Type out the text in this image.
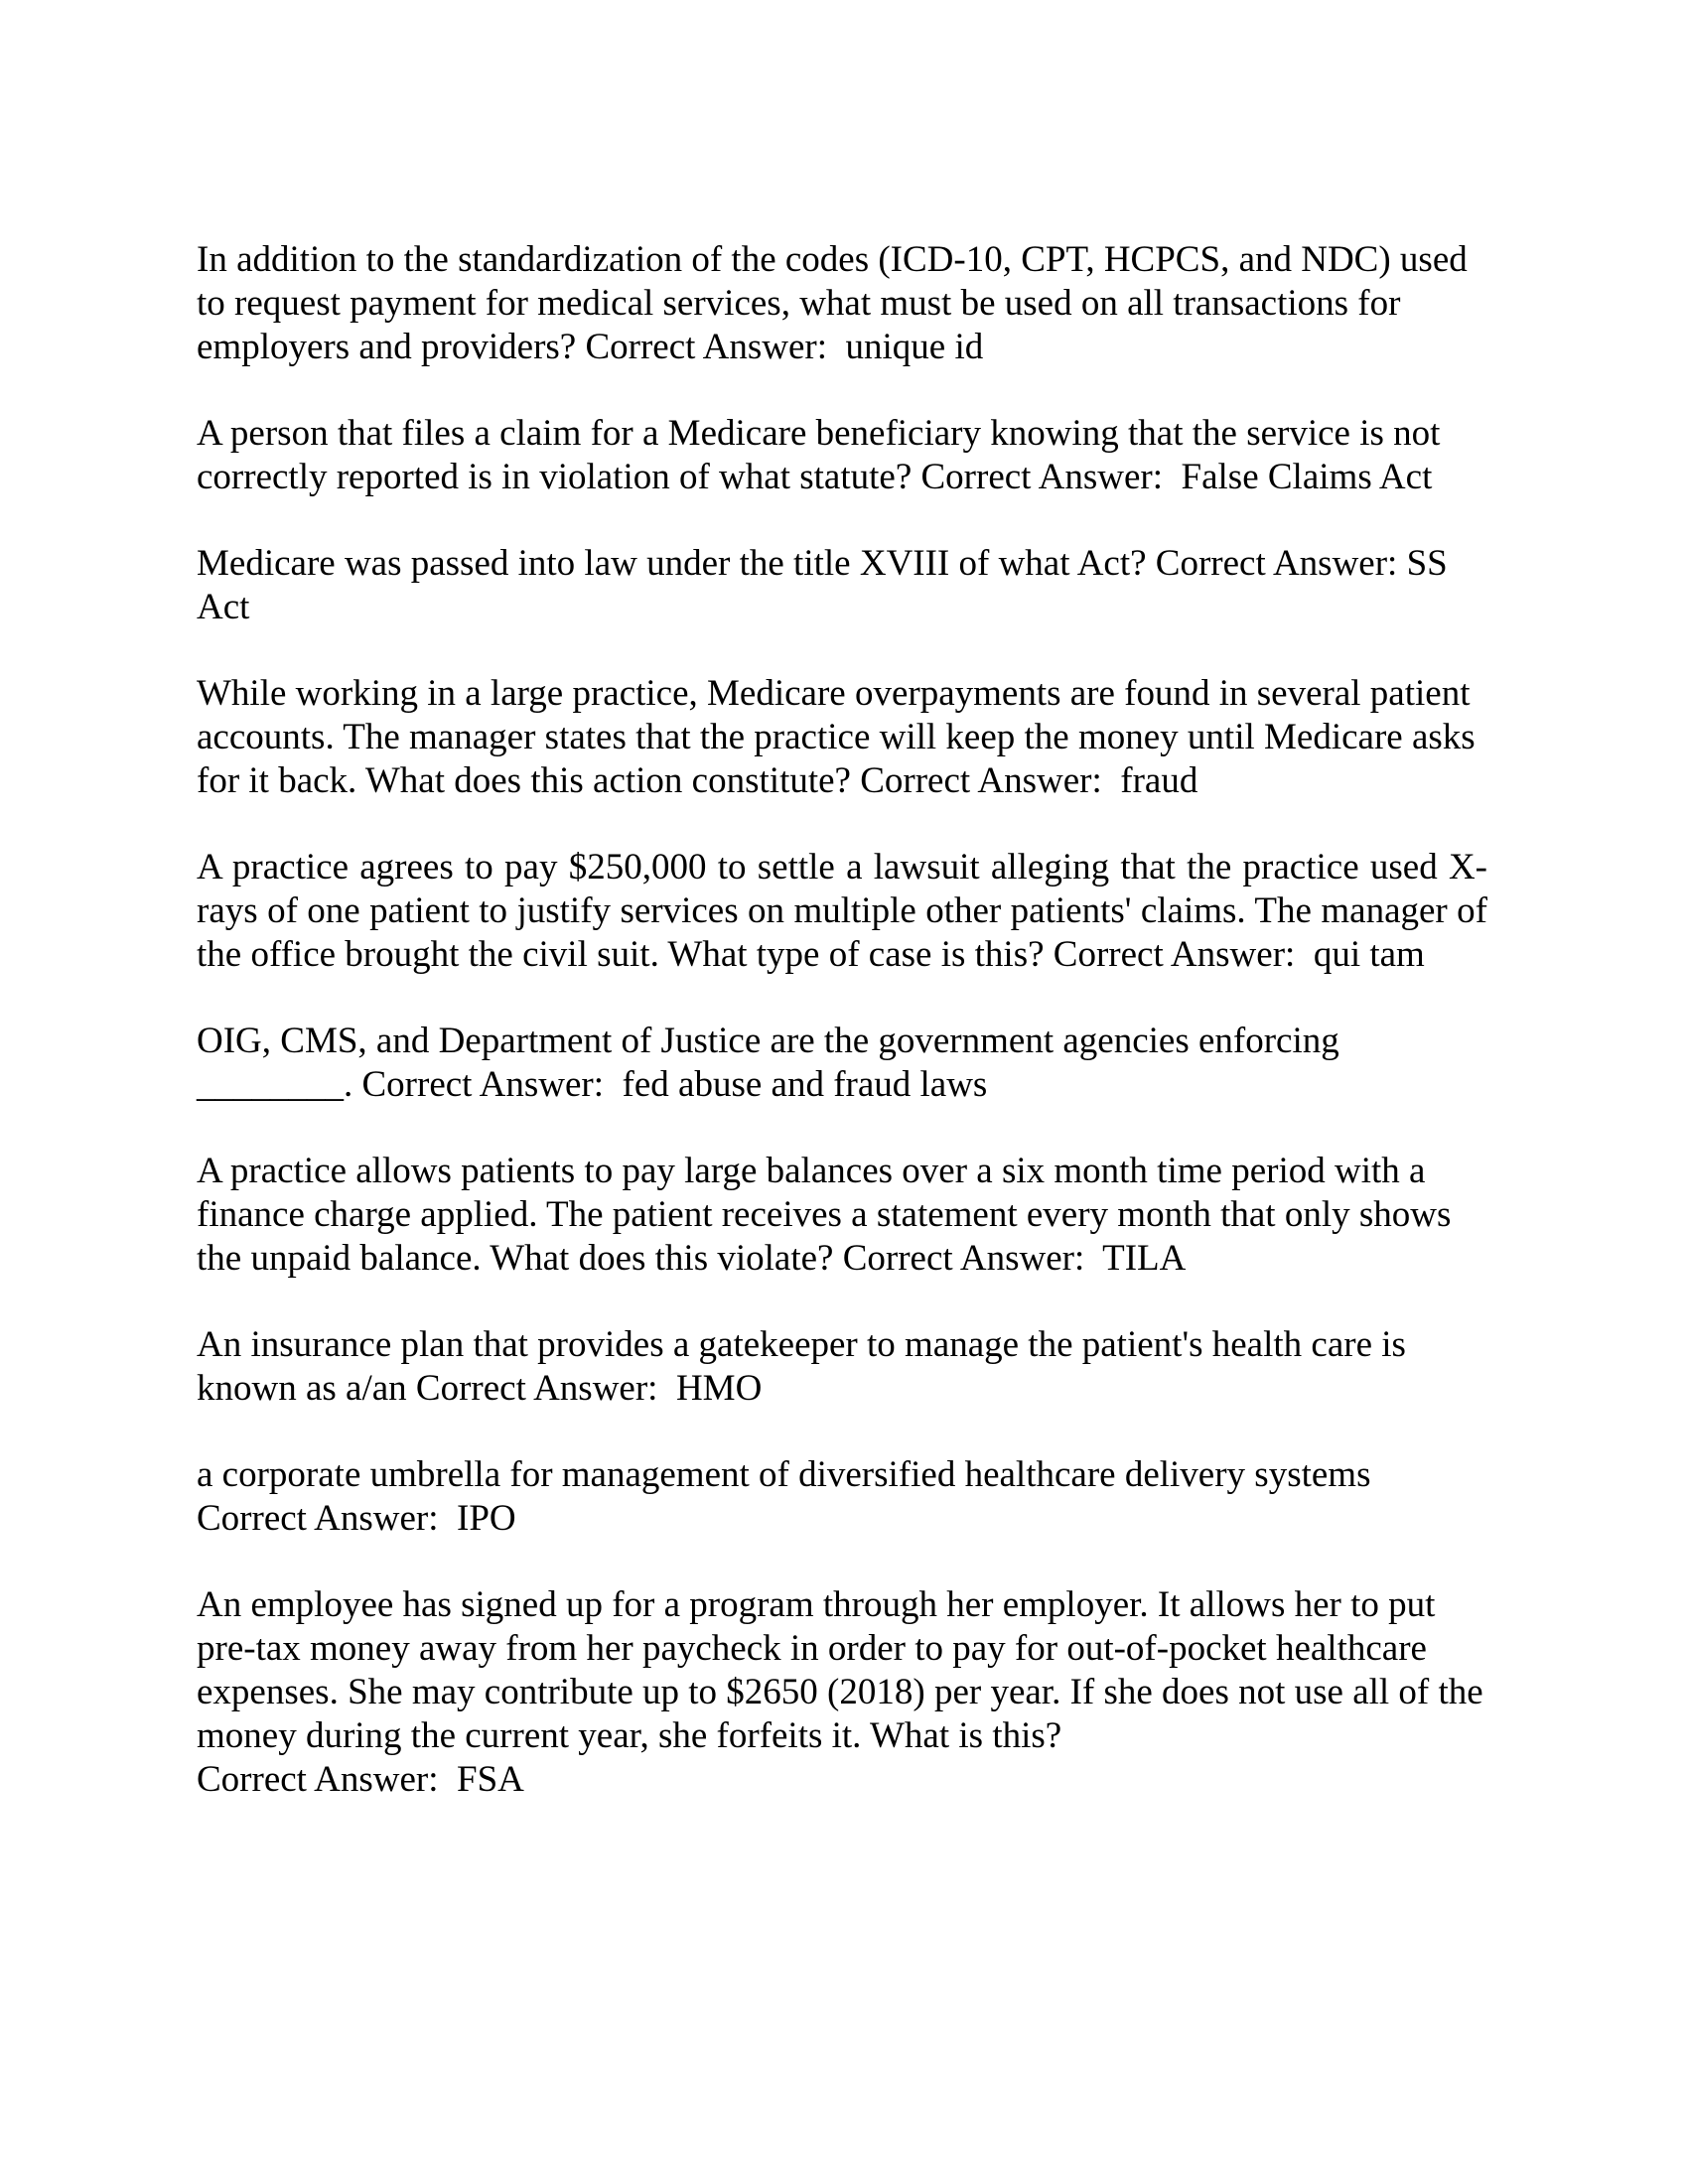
In addition to the standardization of the codes (ICD-10, CPT, HCPCS, and NDC) used to request payment for medical services, what must be used on all transactions for employers and providers? Correct Answer: unique id

A person that files a claim for a Medicare beneficiary knowing that the service is not correctly reported is in violation of what statute? Correct Answer: False Claims Act

Medicare was passed into law under the title XVIII of what Act? Correct Answer: SS Act

While working in a large practice, Medicare overpayments are found in several patient accounts. The manager states that the practice will keep the money until Medicare asks for it back. What does this action constitute? Correct Answer: fraud

A practice agrees to pay $250,000 to settle a lawsuit alleging that the practice used X-rays of one patient to justify services on multiple other patients' claims. The manager of the office brought the civil suit. What type of case is this? Correct Answer: qui tam

OIG, CMS, and Department of Justice are the government agencies enforcing ________. Correct Answer: fed abuse and fraud laws

A practice allows patients to pay large balances over a six month time period with a finance charge applied. The patient receives a statement every month that only shows the unpaid balance. What does this violate? Correct Answer: TILA

An insurance plan that provides a gatekeeper to manage the patient's health care is known as a/an Correct Answer: HMO

a corporate umbrella for management of diversified healthcare delivery systems
Correct Answer: IPO

An employee has signed up for a program through her employer. It allows her to put pre-tax money away from her paycheck in order to pay for out-of-pocket healthcare expenses. She may contribute up to $2650 (2018) per year. If she does not use all of the money during the current year, she forfeits it. What is this?
Correct Answer: FSA
